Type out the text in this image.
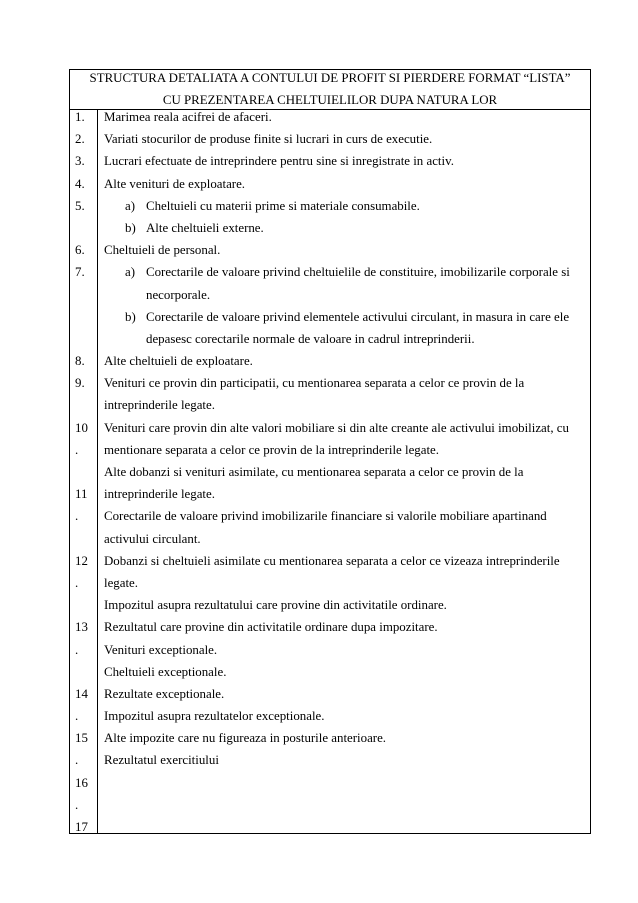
STRUCTURA DETALIATA A CONTULUI DE PROFIT SI PIERDERE FORMAT “LISTA”
CU PREZENTAREA CHELTUIELILOR DUPA NATURA LOR
1.
2.
3.
4.
5.
6.
7.
8.
9.
10
.
11
.
12
.
13
.
14
.
15
.
16
.
17
Marimea reala acifrei de afaceri.
Variati stocurilor de produse finite si lucrari in curs de executie.
Lucrari efectuate de intreprindere pentru sine si inregistrate in activ.
Alte venituri de exploatare.
a) Cheltuieli cu materii prime si materiale consumabile.
b) Alte cheltuieli externe.
Cheltuieli de personal.
a) Corectarile de valoare privind cheltuielile de constituire, imobilizarile corporale si
necorporale.
b) Corectarile de valoare privind elementele activului circulant, in masura in care ele
depasesc corectarile normale de valoare in cadrul intreprinderii.
Alte cheltuieli de exploatare.
Venituri ce provin din participatii, cu mentionarea separata a celor ce provin de la
intreprinderile legate.
Venituri care provin din alte valori mobiliare si din alte creante ale activului imobilizat, cu
mentionare separata a celor ce provin de la intreprinderile legate.
Alte dobanzi si venituri asimilate, cu mentionarea separata a celor ce provin de la
intreprinderile legate.
Corectarile de valoare privind imobilizarile financiare si valorile mobiliare apartinand
activului circulant.
Dobanzi si cheltuieli asimilate cu mentionarea separata a celor ce vizeaza intreprinderile
legate.
Impozitul asupra rezultatului care provine din activitatile ordinare.
Rezultatul care provine din activitatile ordinare dupa impozitare.
Venituri exceptionale.
Cheltuieli exceptionale.
Rezultate exceptionale.
Impozitul asupra rezultatelor exceptionale.
Alte impozite care nu figureaza in posturile anterioare.
Rezultatul exercitiului
